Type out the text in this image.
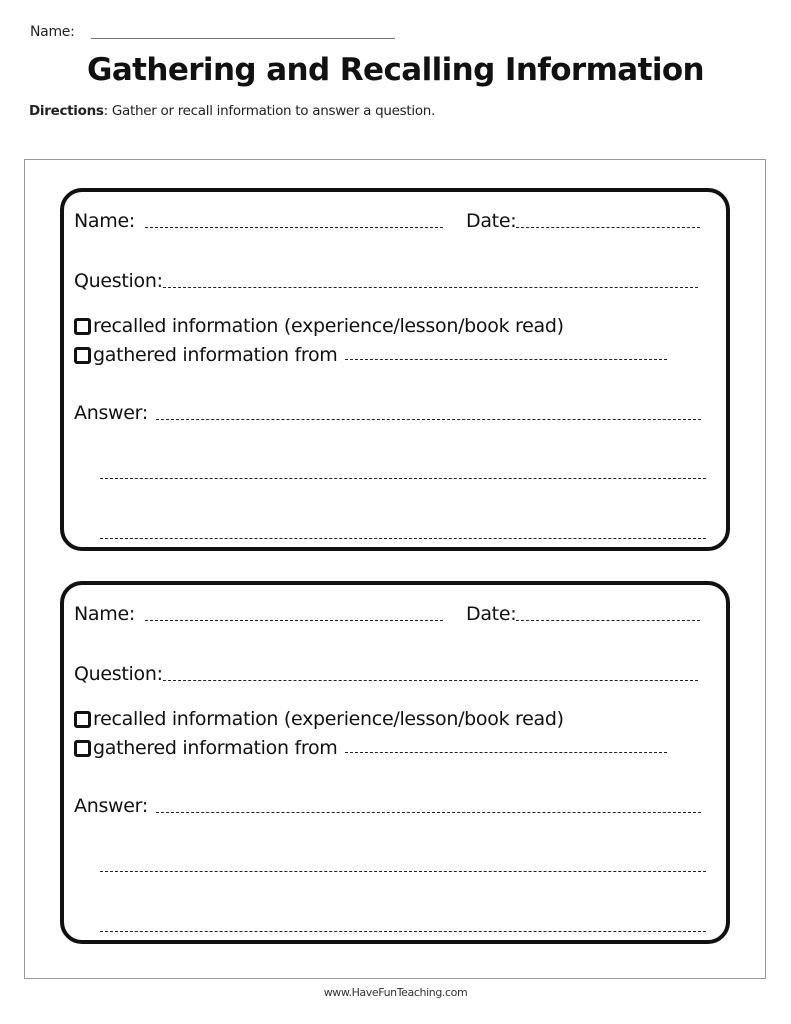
Name:
Gathering and Recalling Information
Directions: Gather or recall information to answer a question.
Name:	Date:
Question:
recalled information (experience/lesson/book read)
gathered information from
Answer:
Name:	Date:
Question:
recalled information (experience/lesson/book read)
gathered information from
Answer:
www.HaveFunTeaching.com
